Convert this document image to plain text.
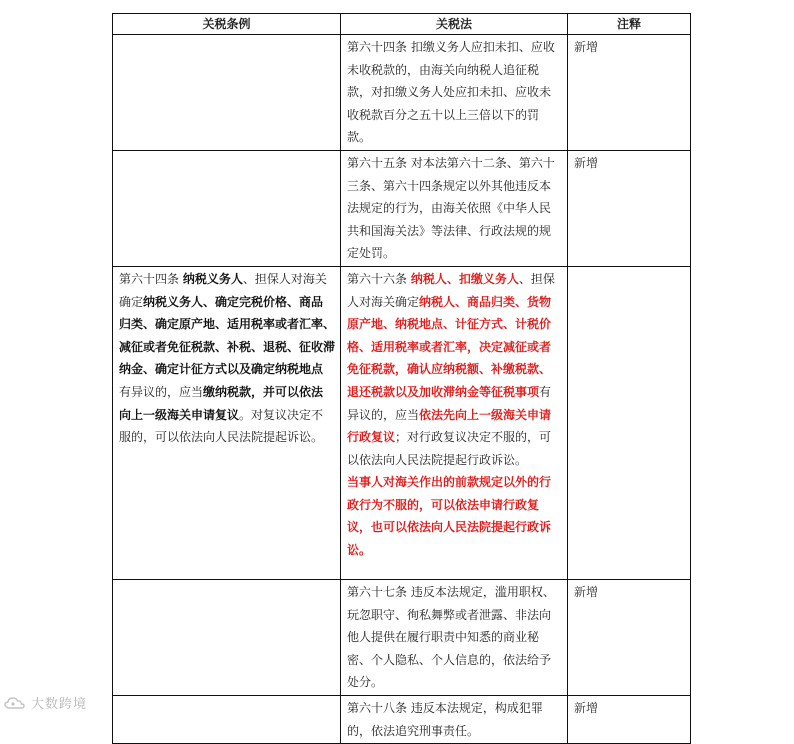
关税条例	关税法	注释
	第六十四条 扣缴义务人应扣未扣、应收未收税款的，由海关向纳税人追征税款，对扣缴义务人处应扣未扣、应收未收税款百分之五十以上三倍以下的罚款。	新增
	第六十五条 对本法第六十二条、第六十三条、第六十四条规定以外其他违反本法规定的行为，由海关依照《中华人民共和国海关法》等法律、行政法规的规定处罚。	新增
第六十四条 纳税义务人、担保人对海关确定纳税义务人、确定完税价格、商品归类、确定原产地、适用税率或者汇率、减征或者免征税款、补税、退税、征收滞纳金、确定计征方式以及确定纳税地点有异议的，应当缴纳税款，并可以依法向上一级海关申请复议。对复议决定不服的，可以依法向人民法院提起诉讼。	第六十六条 纳税人、扣缴义务人、担保人对海关确定纳税人、商品归类、货物原产地、纳税地点、计征方式、计税价格、适用税率或者汇率，决定减征或者免征税款，确认应纳税额、补缴税款、退还税款以及加收滞纳金等征税事项有异议的，应当依法先向上一级海关申请行政复议；对行政复议决定不服的，可以依法向人民法院提起行政诉讼。
当事人对海关作出的前款规定以外的行政行为不服的，可以依法申请行政复议，也可以依法向人民法院提起行政诉讼。	
	第六十七条 违反本法规定，滥用职权、玩忽职守、徇私舞弊或者泄露、非法向他人提供在履行职责中知悉的商业秘密、个人隐私、个人信息的，依法给予处分。	新增
	第六十八条 违反本法规定，构成犯罪的，依法追究刑事责任。	新增
大数跨境
